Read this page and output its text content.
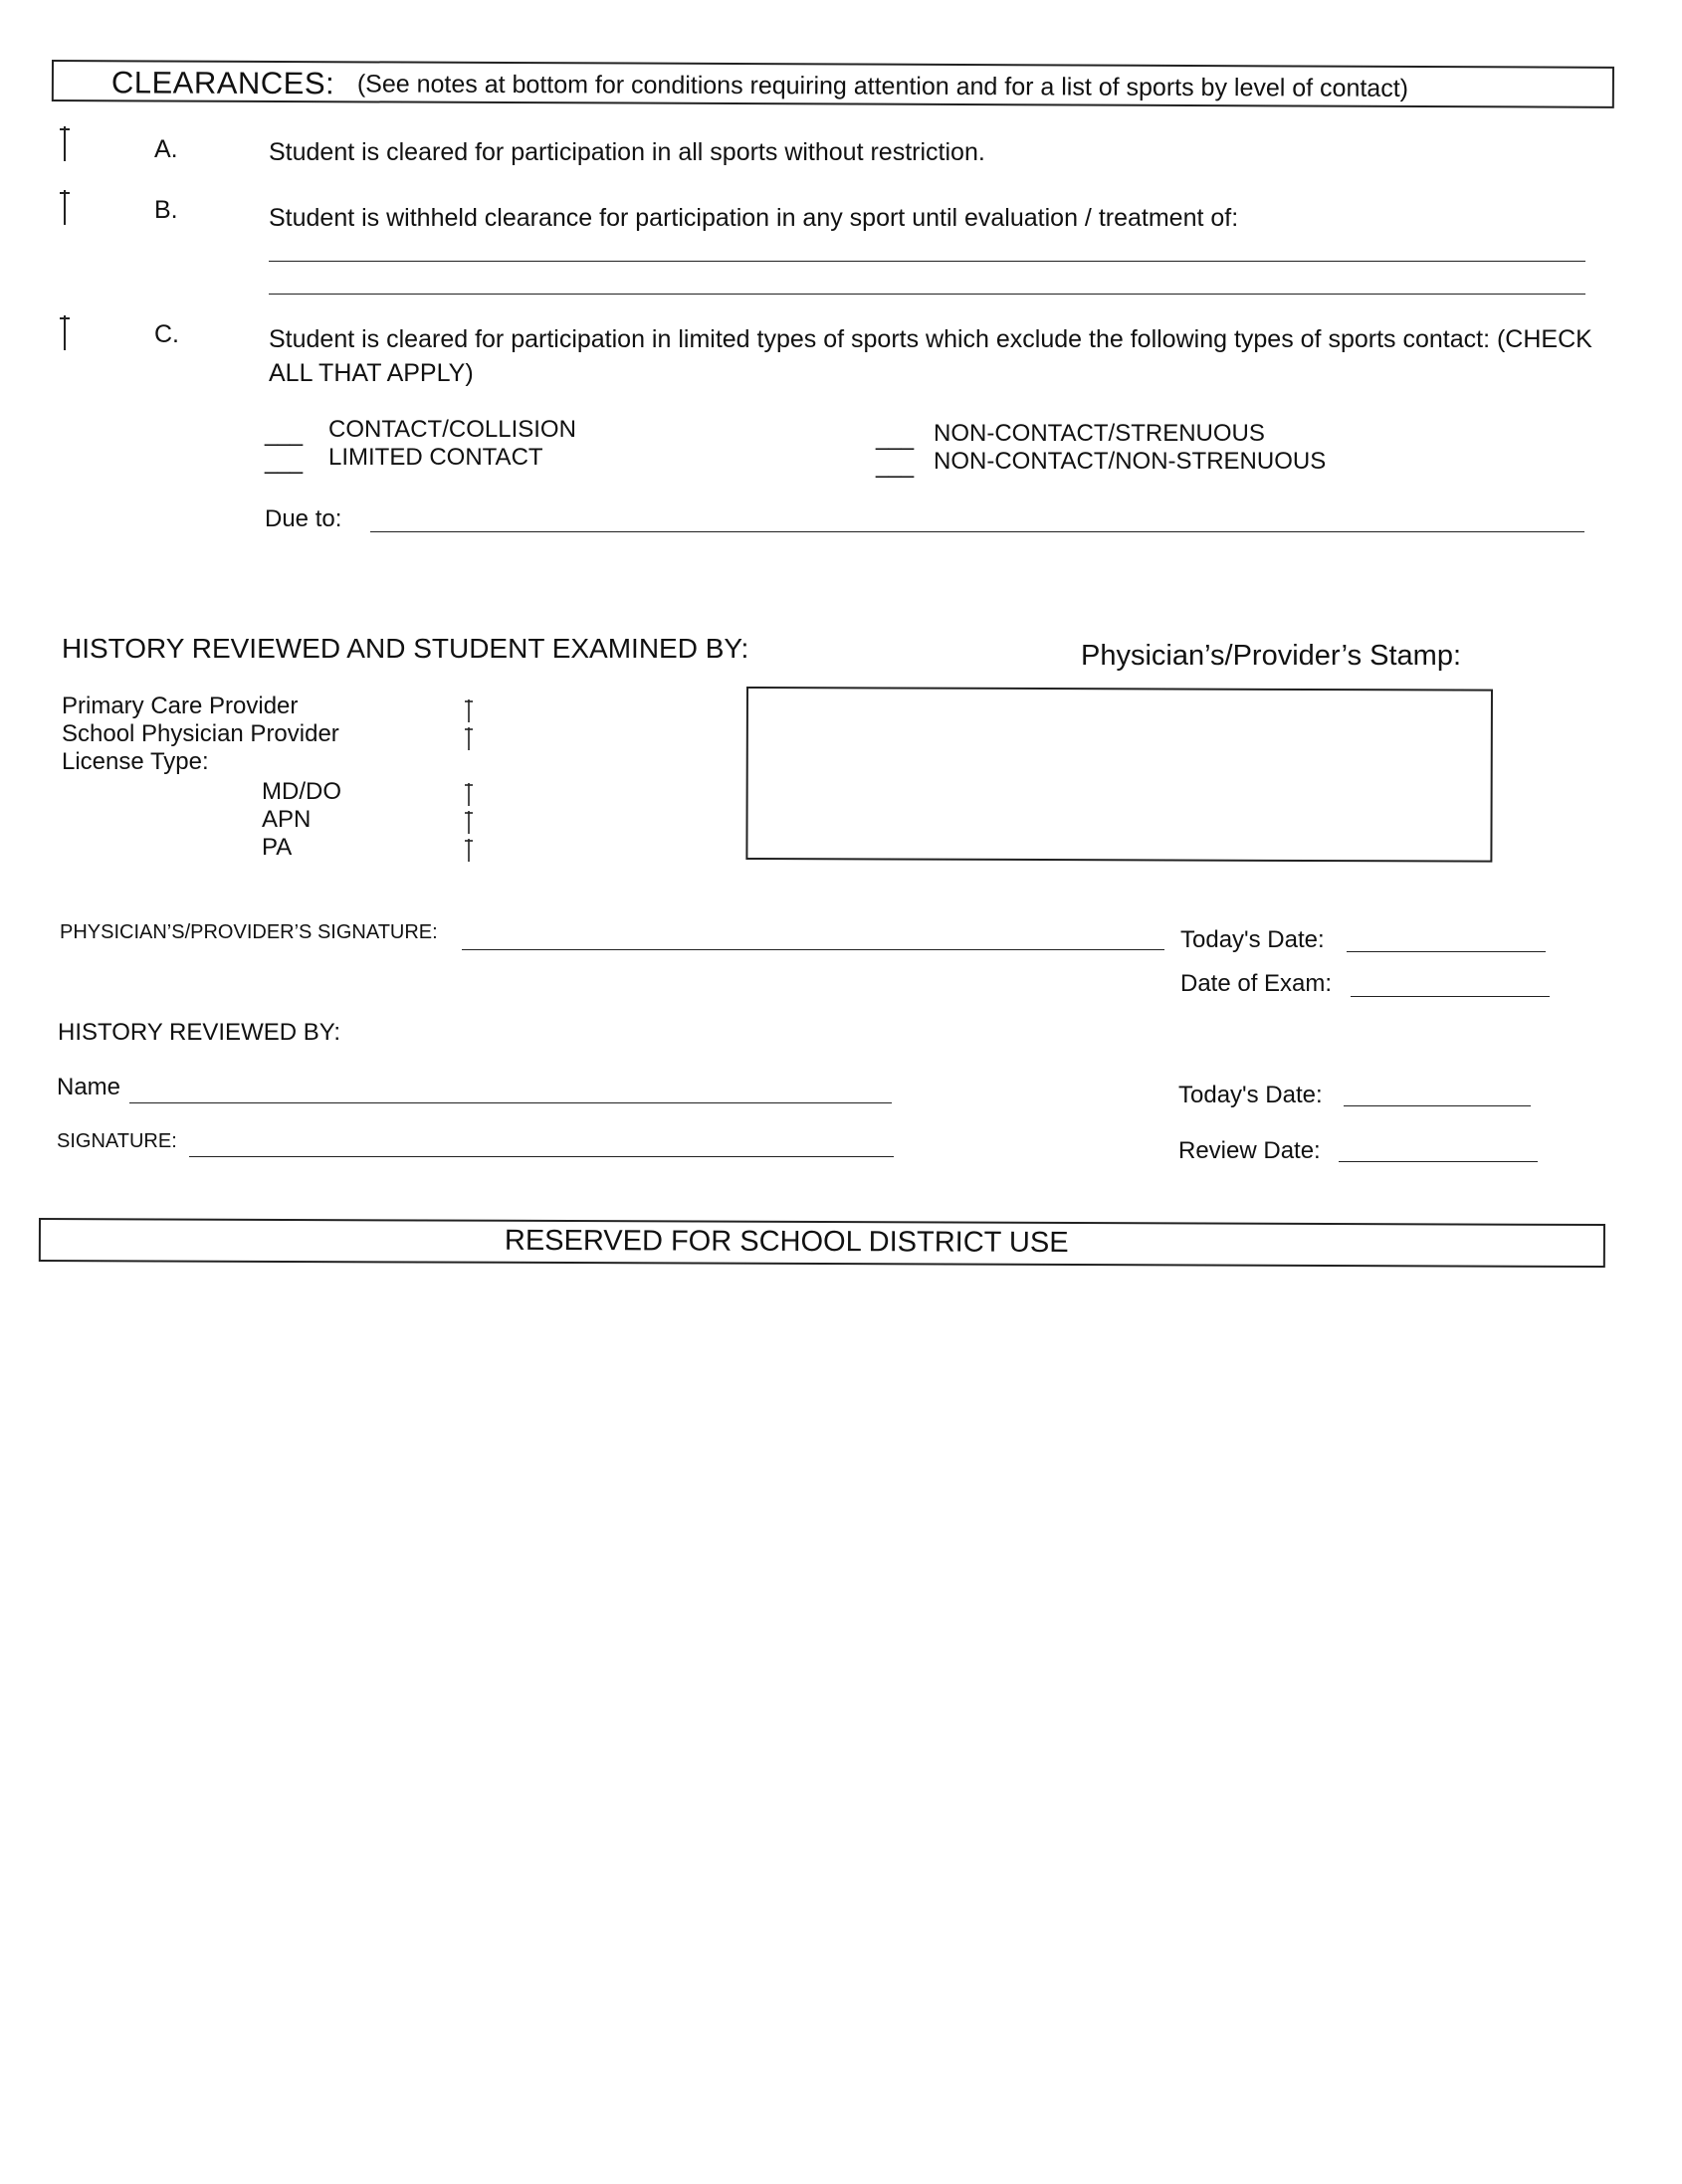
CLEARANCES: (See notes at bottom for conditions requiring attention and for a list of sports by level of contact)
A.	Student is cleared for participation in all sports without restriction.
B.	Student is withheld clearance for participation in any sport until evaluation / treatment of:
C.	Student is cleared for participation in limited types of sports which exclude the following types of sports contact: (CHECK ALL THAT APPLY)
___ CONTACT/COLLISION
___ LIMITED CONTACT
___ NON-CONTACT/STRENUOUS
___ NON-CONTACT/NON-STRENUOUS
Due to:
HISTORY REVIEWED AND STUDENT EXAMINED BY:	Physician’s/Provider’s Stamp:
Primary Care Provider
School Physician Provider
License Type:
MD/DO
APN
PA
PHYSICIAN’S/PROVIDER’S SIGNATURE:	Today's Date:
Date of Exam:
HISTORY REVIEWED BY:
Name
SIGNATURE:
Today's Date:
Review Date:
RESERVED FOR SCHOOL DISTRICT USE
